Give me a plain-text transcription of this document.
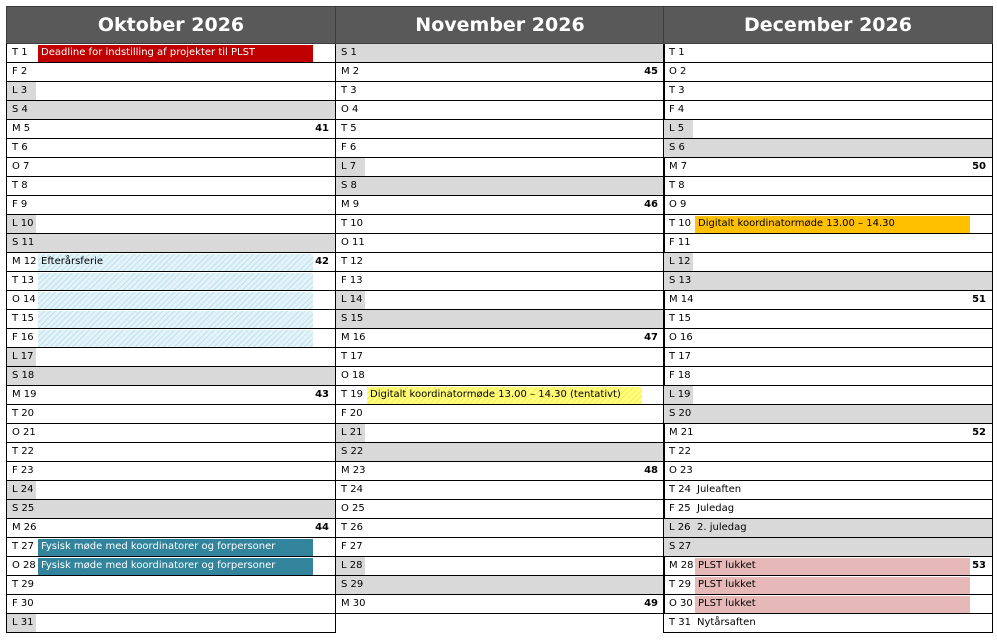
Oktober 2026
T 1	Deadline for indstilling af projekter til PLST
F 2
L 3
S 4
M 5	41
T 6
O 7
T 8
F 9
L 10
S 11
M 12 Efterårsferie	42
T 13
O 14
T 15
F 16
L 17
S 18
M 19	43
T 20
O 21
T 22
F 23
L 24
S 25
M 26	44
T 27 Fysisk møde med koordinatorer og forpersoner
O 28 Fysisk møde med koordinatorer og forpersoner
T 29
F 30
L 31
November 2026
S 1
M 2	45
T 3
O 4
T 5
F 6
L 7
S 8
M 9	46
T 10
O 11
T 12
F 13
L 14
S 15
M 16	47
T 17
O 18
T 19 Digitalt koordinatormøde 13.00 – 14.30 (tentativt)
F 20
L 21
S 22
M 23	48
T 24
O 25
T 26
F 27
L 28
S 29
M 30	49
December 2026
T 1
O 2
T 3
F 4
L 5
S 6
M 7	50
T 8
O 9
T 10 Digitalt koordinatormøde 13.00 – 14.30
F 11
L 12
S 13
M 14	51
T 15
O 16
T 17
F 18
L 19
S 20
M 21	52
T 22
O 23
T 24 Juleaften
F 25 Juledag
L 26 2. juledag
S 27
M 28 PLST lukket	53
T 29 PLST lukket
O 30 PLST lukket
T 31 Nytårsaften
